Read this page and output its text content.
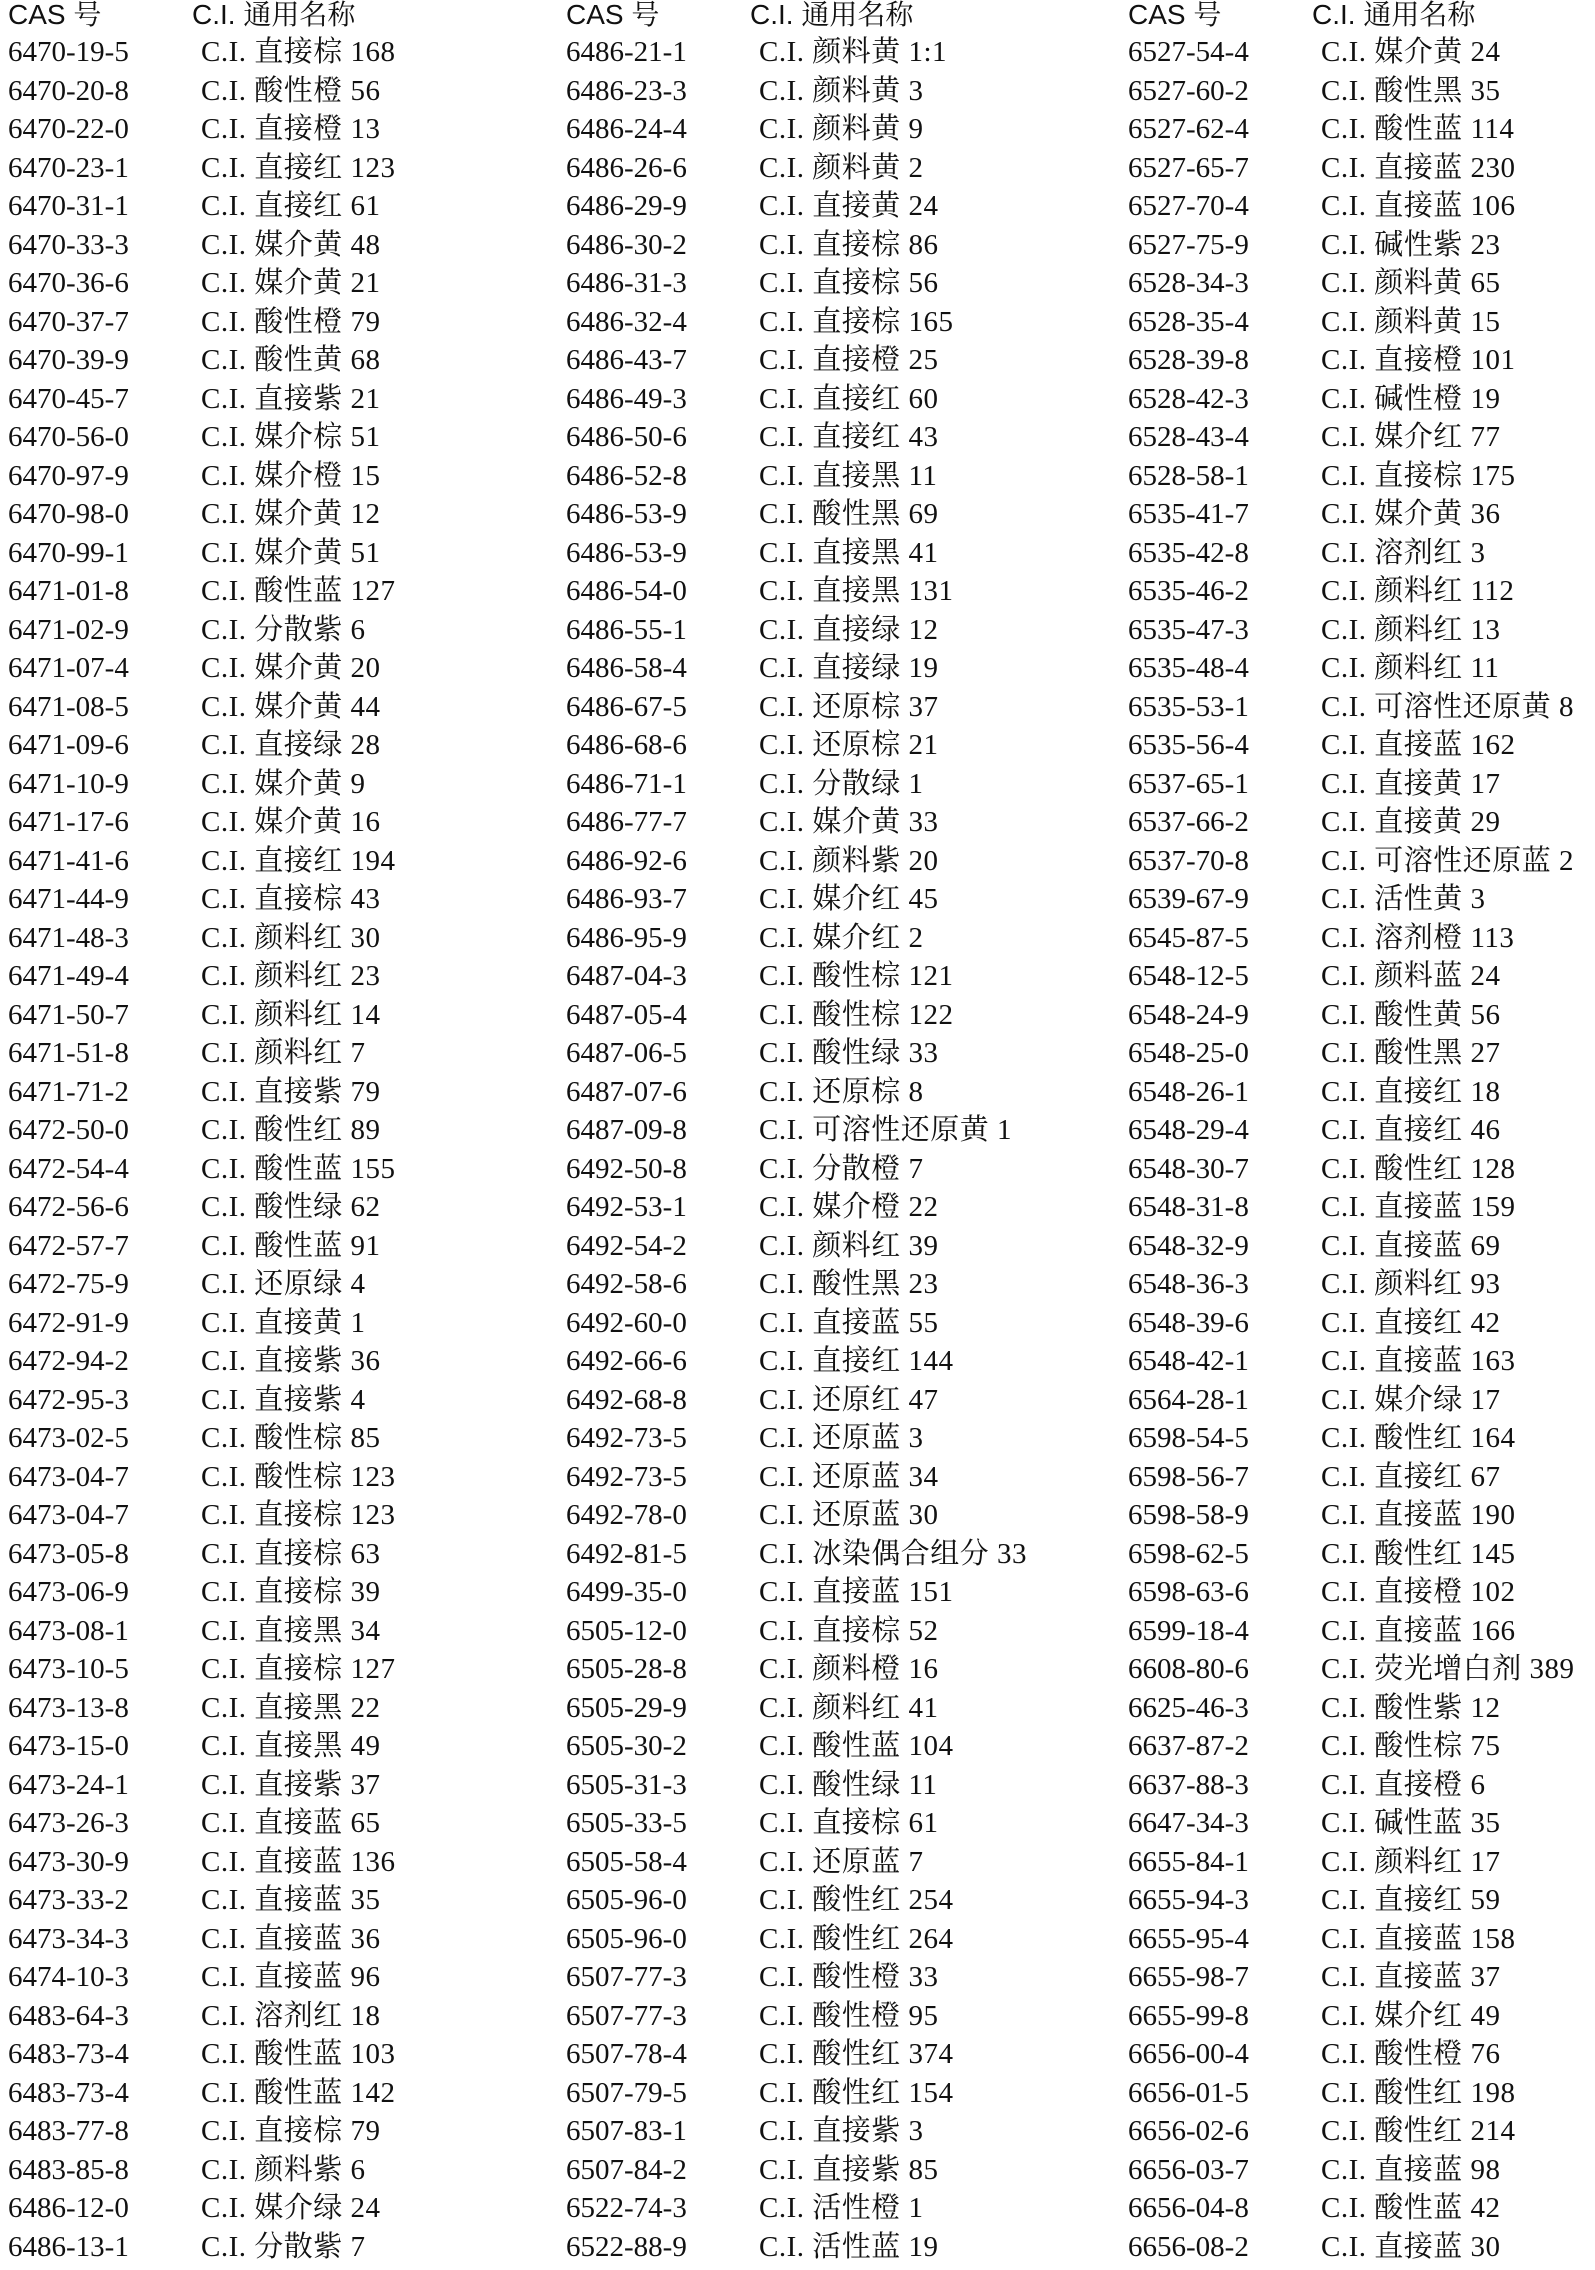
CAS 号	C.I. 通用名称
6470-19-5 C.I. 直接棕 168
6470-20-8 C.I. 酸性橙 56
6470-22-0 C.I. 直接橙 13
6470-23-1 C.I. 直接红 123
6470-31-1 C.I. 直接红 61
6470-33-3 C.I. 媒介黄 48
6470-36-6 C.I. 媒介黄 21
6470-37-7 C.I. 酸性橙 79
6470-39-9 C.I. 酸性黄 68
6470-45-7 C.I. 直接紫 21
6470-56-0 C.I. 媒介棕 51
6470-97-9 C.I. 媒介橙 15
6470-98-0 C.I. 媒介黄 12
6470-99-1 C.I. 媒介黄 51
6471-01-8 C.I. 酸性蓝 127
6471-02-9 C.I. 分散紫 6
6471-07-4 C.I. 媒介黄 20
6471-08-5 C.I. 媒介黄 44
6471-09-6 C.I. 直接绿 28
6471-10-9 C.I. 媒介黄 9
6471-17-6 C.I. 媒介黄 16
6471-41-6 C.I. 直接红 194
6471-44-9 C.I. 直接棕 43
6471-48-3 C.I. 颜料红 30
6471-49-4 C.I. 颜料红 23
6471-50-7 C.I. 颜料红 14
6471-51-8 C.I. 颜料红 7
6471-71-2 C.I. 直接紫 79
6472-50-0 C.I. 酸性红 89
6472-54-4 C.I. 酸性蓝 155
6472-56-6 C.I. 酸性绿 62
6472-57-7 C.I. 酸性蓝 91
6472-75-9 C.I. 还原绿 4
6472-91-9 C.I. 直接黄 1
6472-94-2 C.I. 直接紫 36
6472-95-3 C.I. 直接紫 4
6473-02-5 C.I. 酸性棕 85
6473-04-7 C.I. 酸性棕 123
6473-04-7 C.I. 直接棕 123
6473-05-8 C.I. 直接棕 63
6473-06-9 C.I. 直接棕 39
6473-08-1 C.I. 直接黑 34
6473-10-5 C.I. 直接棕 127
6473-13-8 C.I. 直接黑 22
6473-15-0 C.I. 直接黑 49
6473-24-1 C.I. 直接紫 37
6473-26-3 C.I. 直接蓝 65
6473-30-9 C.I. 直接蓝 136
6473-33-2 C.I. 直接蓝 35
6473-34-3 C.I. 直接蓝 36
6474-10-3 C.I. 直接蓝 96
6483-64-3 C.I. 溶剂红 18
6483-73-4 C.I. 酸性蓝 103
6483-73-4 C.I. 酸性蓝 142
6483-77-8 C.I. 直接棕 79
6483-85-8 C.I. 颜料紫 6
6486-12-0 C.I. 媒介绿 24
6486-13-1 C.I. 分散紫 7
CAS 号	C.I. 通用名称
6486-21-1 C.I. 颜料黄 1:1
6486-23-3 C.I. 颜料黄 3
6486-24-4 C.I. 颜料黄 9
6486-26-6 C.I. 颜料黄 2
6486-29-9 C.I. 直接黄 24
6486-30-2 C.I. 直接棕 86
6486-31-3 C.I. 直接棕 56
6486-32-4 C.I. 直接棕 165
6486-43-7 C.I. 直接橙 25
6486-49-3 C.I. 直接红 60
6486-50-6 C.I. 直接红 43
6486-52-8 C.I. 直接黑 11
6486-53-9 C.I. 酸性黑 69
6486-53-9 C.I. 直接黑 41
6486-54-0 C.I. 直接黑 131
6486-55-1 C.I. 直接绿 12
6486-58-4 C.I. 直接绿 19
6486-67-5 C.I. 还原棕 37
6486-68-6 C.I. 还原棕 21
6486-71-1 C.I. 分散绿 1
6486-77-7 C.I. 媒介黄 33
6486-92-6 C.I. 颜料紫 20
6486-93-7 C.I. 媒介红 45
6486-95-9 C.I. 媒介红 2
6487-04-3 C.I. 酸性棕 121
6487-05-4 C.I. 酸性棕 122
6487-06-5 C.I. 酸性绿 33
6487-07-6 C.I. 还原棕 8
6487-09-8 C.I. 可溶性还原黄 1
6492-50-8 C.I. 分散橙 7
6492-53-1 C.I. 媒介橙 22
6492-54-2 C.I. 颜料红 39
6492-58-6 C.I. 酸性黑 23
6492-60-0 C.I. 直接蓝 55
6492-66-6 C.I. 直接红 144
6492-68-8 C.I. 还原红 47
6492-73-5 C.I. 还原蓝 3
6492-73-5 C.I. 还原蓝 34
6492-78-0 C.I. 还原蓝 30
6492-81-5 C.I. 冰染偶合组分 33
6499-35-0 C.I. 直接蓝 151
6505-12-0 C.I. 直接棕 52
6505-28-8 C.I. 颜料橙 16
6505-29-9 C.I. 颜料红 41
6505-30-2 C.I. 酸性蓝 104
6505-31-3 C.I. 酸性绿 11
6505-33-5 C.I. 直接棕 61
6505-58-4 C.I. 还原蓝 7
6505-96-0 C.I. 酸性红 254
6505-96-0 C.I. 酸性红 264
6507-77-3 C.I. 酸性橙 33
6507-77-3 C.I. 酸性橙 95
6507-78-4 C.I. 酸性红 374
6507-79-5 C.I. 酸性红 154
6507-83-1 C.I. 直接紫 3
6507-84-2 C.I. 直接紫 85
6522-74-3 C.I. 活性橙 1
6522-88-9 C.I. 活性蓝 19
CAS 号	C.I. 通用名称
6527-54-4 C.I. 媒介黄 24
6527-60-2 C.I. 酸性黑 35
6527-62-4 C.I. 酸性蓝 114
6527-65-7 C.I. 直接蓝 230
6527-70-4 C.I. 直接蓝 106
6527-75-9 C.I. 碱性紫 23
6528-34-3 C.I. 颜料黄 65
6528-35-4 C.I. 颜料黄 15
6528-39-8 C.I. 直接橙 101
6528-42-3 C.I. 碱性橙 19
6528-43-4 C.I. 媒介红 77
6528-58-1 C.I. 直接棕 175
6535-41-7 C.I. 媒介黄 36
6535-42-8 C.I. 溶剂红 3
6535-46-2 C.I. 颜料红 112
6535-47-3 C.I. 颜料红 13
6535-48-4 C.I. 颜料红 11
6535-53-1 C.I. 可溶性还原黄 8
6535-56-4 C.I. 直接蓝 162
6537-65-1 C.I. 直接黄 17
6537-66-2 C.I. 直接黄 29
6537-70-8 C.I. 可溶性还原蓝 2
6539-67-9 C.I. 活性黄 3
6545-87-5 C.I. 溶剂橙 113
6548-12-5 C.I. 颜料蓝 24
6548-24-9 C.I. 酸性黄 56
6548-25-0 C.I. 酸性黑 27
6548-26-1 C.I. 直接红 18
6548-29-4 C.I. 直接红 46
6548-30-7 C.I. 酸性红 128
6548-31-8 C.I. 直接蓝 159
6548-32-9 C.I. 直接蓝 69
6548-36-3 C.I. 颜料红 93
6548-39-6 C.I. 直接红 42
6548-42-1 C.I. 直接蓝 163
6564-28-1 C.I. 媒介绿 17
6598-54-5 C.I. 酸性红 164
6598-56-7 C.I. 直接红 67
6598-58-9 C.I. 直接蓝 190
6598-62-5 C.I. 酸性红 145
6598-63-6 C.I. 直接橙 102
6599-18-4 C.I. 直接蓝 166
6608-80-6 C.I. 荧光增白剂 389
6625-46-3 C.I. 酸性紫 12
6637-87-2 C.I. 酸性棕 75
6637-88-3 C.I. 直接橙 6
6647-34-3 C.I. 碱性蓝 35
6655-84-1 C.I. 颜料红 17
6655-94-3 C.I. 直接红 59
6655-95-4 C.I. 直接蓝 158
6655-98-7 C.I. 直接蓝 37
6655-99-8 C.I. 媒介红 49
6656-00-4 C.I. 酸性橙 76
6656-01-5 C.I. 酸性红 198
6656-02-6 C.I. 酸性红 214
6656-03-7 C.I. 直接蓝 98
6656-04-8 C.I. 酸性蓝 42
6656-08-2 C.I. 直接蓝 30
